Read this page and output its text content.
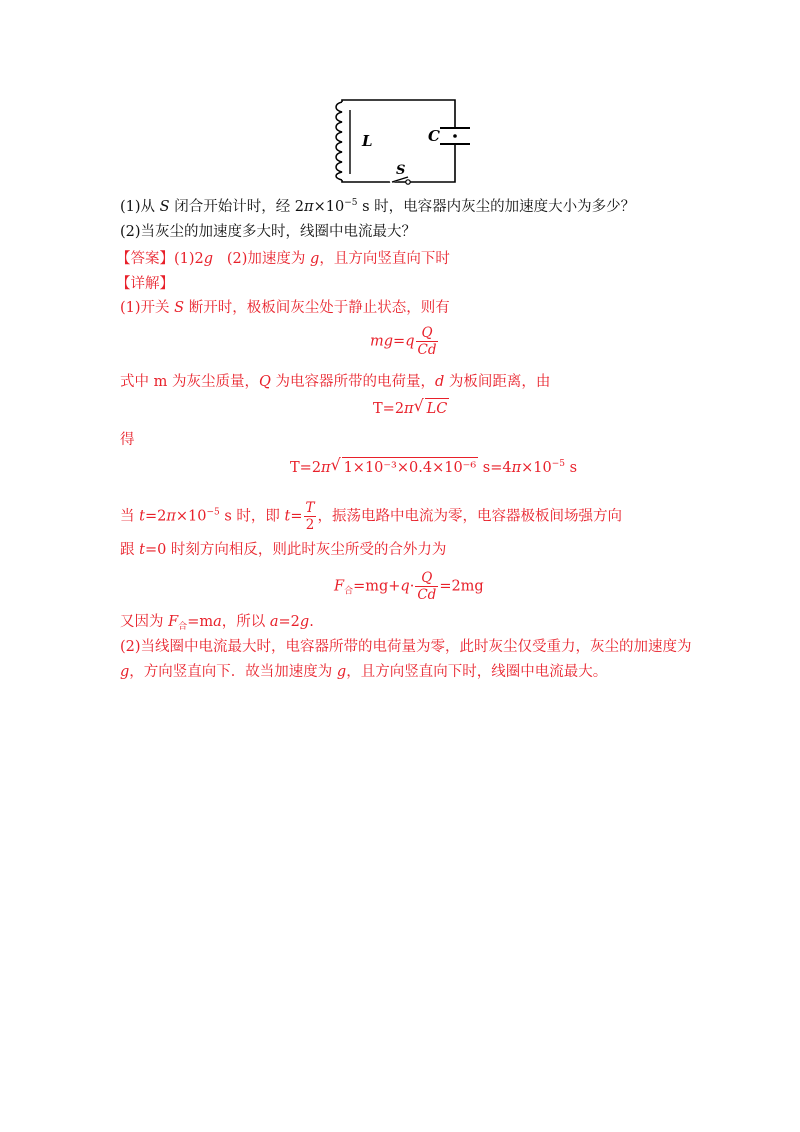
L	C
S
(1)从 S 闭合开始计时，经 $2\pi\times 10^{-5}$ s 时，电容器内灰尘的加速度大小为多少？
(2)当灰尘的加速度多大时，线圈中电流最大？
【答案】(1)2g   (2)加速度为 g，且方向竖直向下时
【详解】
(1)开关 S 断开时，极板间灰尘处于静止状态，则有
$mg=q \frac{Q}{Cd}$
式中 m 为灰尘质量，Q 为电容器所带的电荷量，d 为板间距离，由
T=2π √ LC
得
T=2π √ 1×10⁻³×0.4×10⁻⁶ $s=4\pi\times 10^{-5}$ s
当 $t=2\pi\times 10^{-5}$ s 时，即 $t= \frac{T}{2}$ ，振荡电路中电流为零，电容器极板间场强方向
跟 t=0 时刻方向相反，则此时灰尘所受的合外力为
$F_合=mg+q\cdot \frac{Q}{Cd} =2mg$
又因为 $F_合=ma$，所以 a=2g.
(2)当线圈中电流最大时，电容器所带的电荷量为零，此时灰尘仅受重力，灰尘的加速度为
g，方向竖直向下．故当加速度为 g，且方向竖直向下时，线圈中电流最大。
